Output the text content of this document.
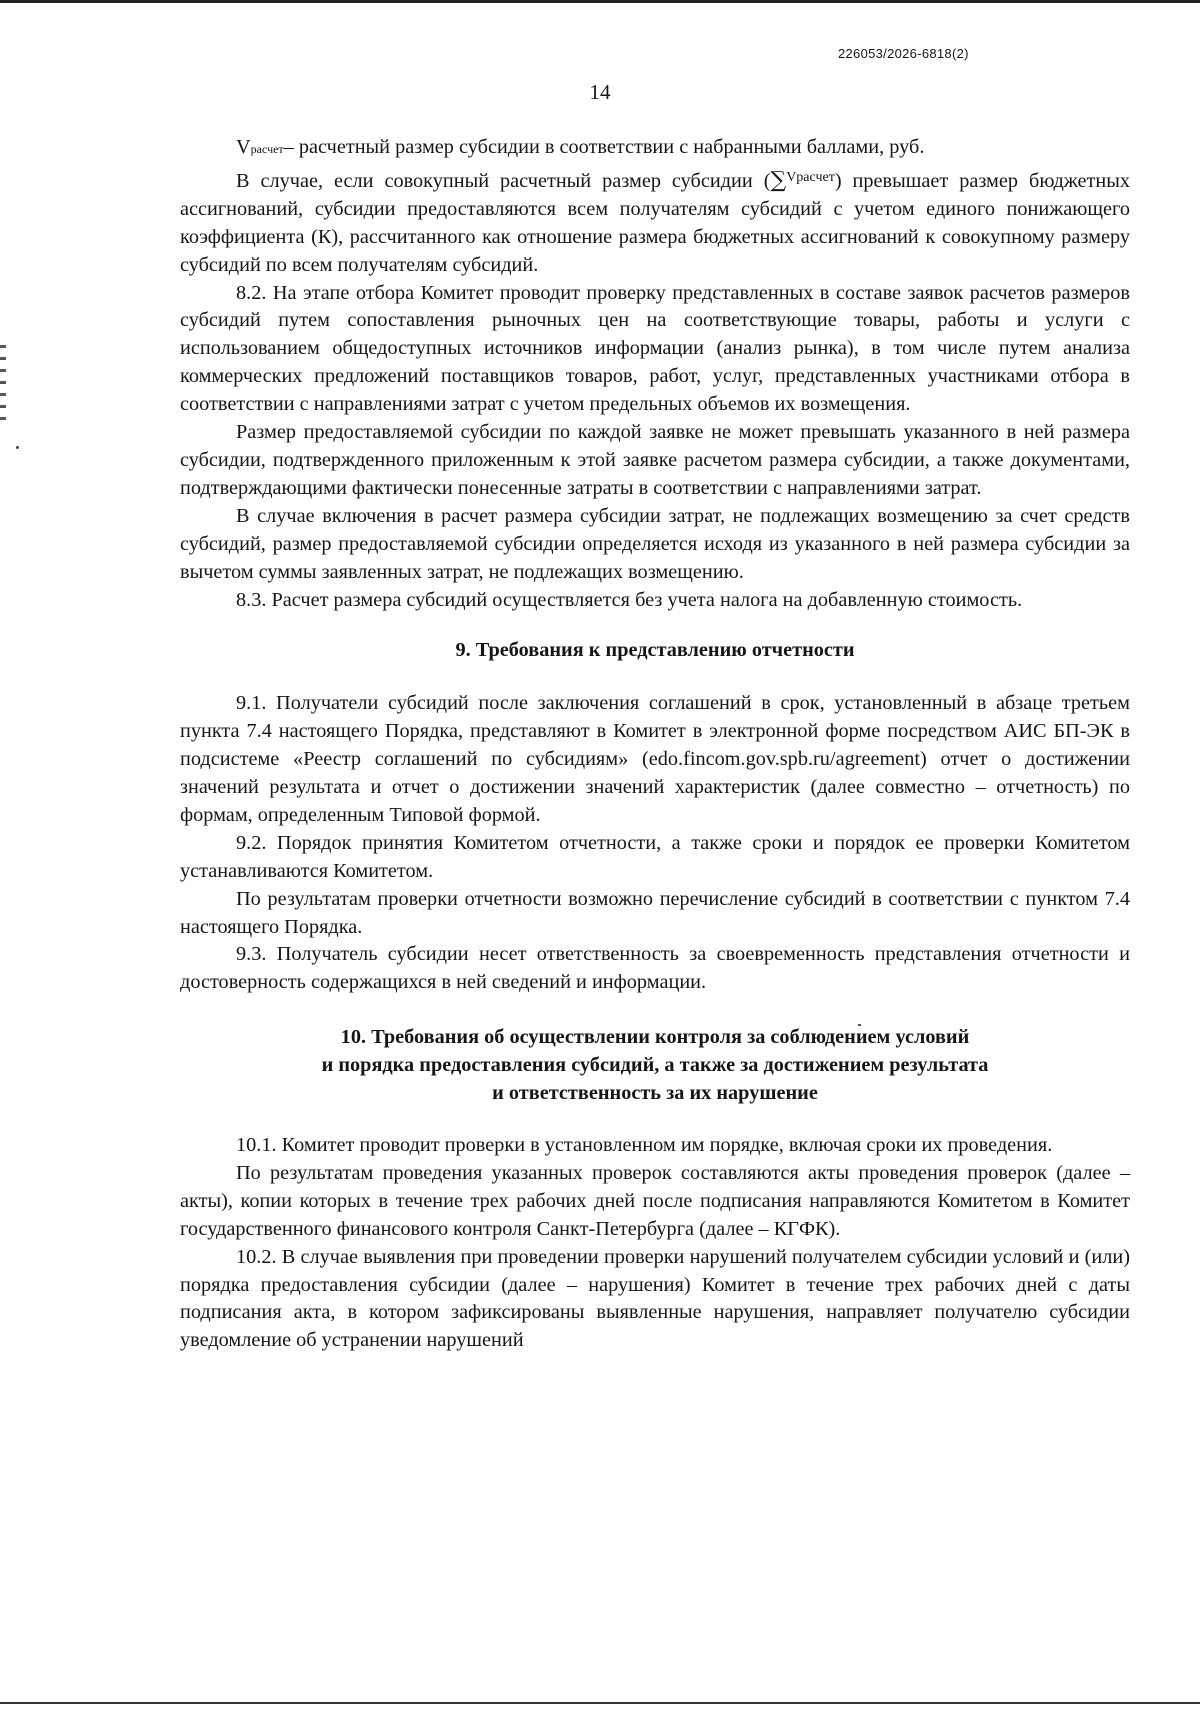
226053/2026-6818(2)
14

Vрасчет– расчетный размер субсидии в соответствии с набранными баллами, руб.

В случае, если совокупный расчетный размер субсидии (∑$^{Vрасчет}$) превышает размер бюджетных ассигнований, субсидии предоставляются всем получателям субсидий с учетом единого понижающего коэффициента (К), рассчитанного как отношение размера бюджетных ассигнований к совокупному размеру субсидий по всем получателям субсидий.

8.2. На этапе отбора Комитет проводит проверку представленных в составе заявок расчетов размеров субсидий путем сопоставления рыночных цен на соответствующие товары, работы и услуги с использованием общедоступных источников информации (анализ рынка), в том числе путем анализа коммерческих предложений поставщиков товаров, работ, услуг, представленных участниками отбора в соответствии с направлениями затрат с учетом предельных объемов их возмещения.

Размер предоставляемой субсидии по каждой заявке не может превышать указанного в ней размера субсидии, подтвержденного приложенным к этой заявке расчетом размера субсидии, а также документами, подтверждающими фактически понесенные затраты в соответствии с направлениями затрат.

В случае включения в расчет размера субсидии затрат, не подлежащих возмещению за счет средств субсидий, размер предоставляемой субсидии определяется исходя из указанного в ней размера субсидии за вычетом суммы заявленных затрат, не подлежащих возмещению.

8.3. Расчет размера субсидий осуществляется без учета налога на добавленную стоимость.

9. Требования к представлению отчетности

9.1. Получатели субсидий после заключения соглашений в срок, установленный в абзаце третьем пункта 7.4 настоящего Порядка, представляют в Комитет в электронной форме посредством АИС БП-ЭК в подсистеме «Реестр соглашений по субсидиям» (edo.fincom.gov.spb.ru/agreement) отчет о достижении значений результата и отчет о достижении значений характеристик (далее совместно – отчетность) по формам, определенным Типовой формой.

9.2. Порядок принятия Комитетом отчетности, а также сроки и порядок ее проверки Комитетом устанавливаются Комитетом.

По результатам проверки отчетности возможно перечисление субсидий в соответствии с пунктом 7.4 настоящего Порядка.

9.3. Получатель субсидии несет ответственность за своевременность представления отчетности и достоверность содержащихся в ней сведений и информации.

10. Требования об осуществлении контроля за соблюдением условий
и порядка предоставления субсидий, а также за достижением результата
и ответственность за их нарушение

10.1. Комитет проводит проверки в установленном им порядке, включая сроки их проведения.

По результатам проведения указанных проверок составляются акты проведения проверок (далее – акты), копии которых в течение трех рабочих дней после подписания направляются Комитетом в Комитет государственного финансового контроля Санкт-Петербурга (далее – КГФК).

10.2. В случае выявления при проведении проверки нарушений получателем субсидии условий и (или) порядка предоставления субсидии (далее – нарушения) Комитет в течение трех рабочих дней с даты подписания акта, в котором зафиксированы выявленные нарушения, направляет получателю субсидии уведомление об устранении нарушений
